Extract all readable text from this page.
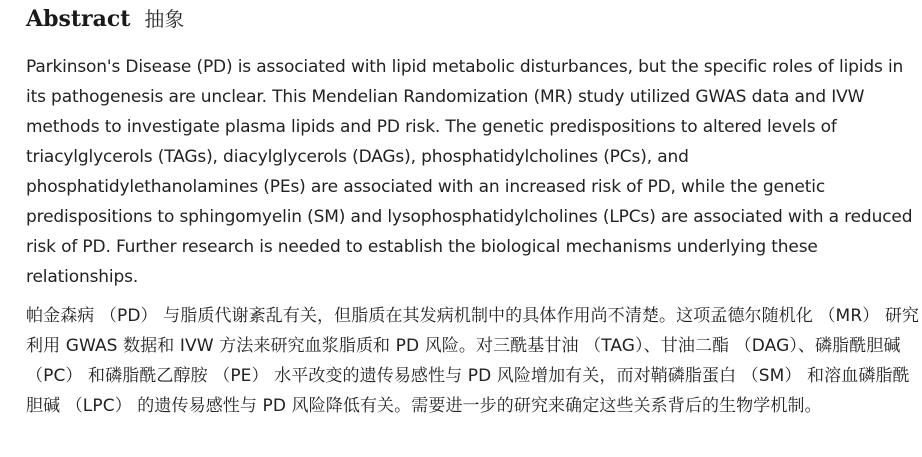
Abstract 抽象

Parkinson's Disease (PD) is associated with lipid metabolic disturbances, but the specific roles of lipids in its pathogenesis are unclear. This Mendelian Randomization (MR) study utilized GWAS data and IVW methods to investigate plasma lipids and PD risk. The genetic predispositions to altered levels of triacylglycerols (TAGs), diacylglycerols (DAGs), phosphatidylcholines (PCs), and phosphatidylethanolamines (PEs) are associated with an increased risk of PD, while the genetic predispositions to sphingomyelin (SM) and lysophosphatidylcholines (LPCs) are associated with a reduced risk of PD. Further research is needed to establish the biological mechanisms underlying these relationships.

帕金森病 （PD） 与脂质代谢紊乱有关，但脂质在其发病机制中的具体作用尚不清楚。这项孟德尔随机化 （MR） 研究利用 GWAS 数据和 IVW 方法来研究血浆脂质和 PD 风险。对三酰基甘油 （TAG）、甘油二酯 （DAG）、磷脂酰胆碱 （PC） 和磷脂酰乙醇胺 （PE） 水平改变的遗传易感性与 PD 风险增加有关，而对鞘磷脂蛋白 （SM） 和溶血磷脂酰胆碱 （LPC） 的遗传易感性与 PD 风险降低有关。需要进一步的研究来确定这些关系背后的生物学机制。
